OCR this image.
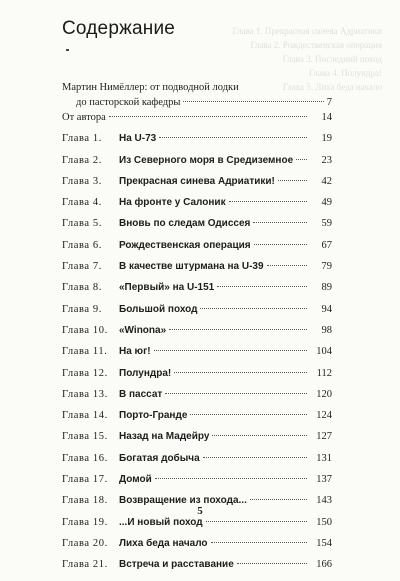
Глава 1. Прекрасная синева Адриатики
Глава 2. Рождественская операция
Глава 3. Последний поход
Глава 4. Полундра!
Глава 5. Лиха беда начало
Содержание
Мартин Нимёллер: от подводной лодки
до пасторской кафедры	7
От автора	14
Глава 1.	На U-73	19
Глава 2.	Из Северного моря в Средиземное	23
Глава 3.	Прекрасная синева Адриатики!	42
Глава 4.	На фронте у Салоник	49
Глава 5.	Вновь по следам Одиссея	59
Глава 6.	Рождественская операция	67
Глава 7.	В качестве штурмана на U-39	79
Глава 8.	«Первый» на U-151	89
Глава 9.	Большой поход	94
Глава 10.	«Winona»	98
Глава 11.	На юг!	104
Глава 12.	Полундра!	112
Глава 13.	В пассат	120
Глава 14.	Порто-Гранде	124
Глава 15.	Назад на Мадейру	127
Глава 16.	Богатая добыча	131
Глава 17.	Домой	137
Глава 18.	Возвращение из похода...	143
Глава 19.	...И новый поход	150
Глава 20.	Лиха беда начало	154
Глава 21.	Встреча и расставание	166
5
